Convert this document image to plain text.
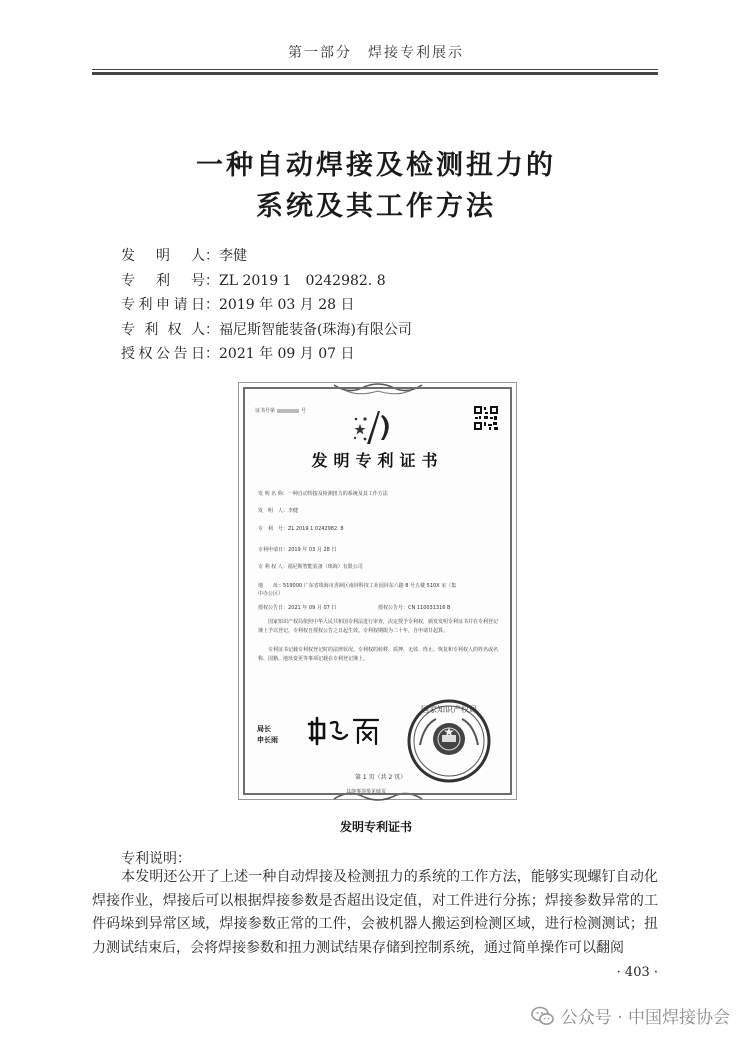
第一部分　焊接专利展示
一种自动焊接及检测扭力的
系统及其工作方法
发　明　人：李健
专　利　号：ZL 2019 1　0242982. 8
专利申请日：2019 年 03 月 28 日
专 利 权 人：福尼斯智能装备(珠海)有限公司
授权公告日：2021 年 09 月 07 日
证书号第	号
发明专利证书
发 明 名 称：一种自动焊接及检测扭力的系统及其工作方法
发　明　人：李健
专　利　号：ZL 2019 1 0242982. 8
专利申请日：2019 年 03 月 28 日
专 利 权 人：福尼斯智能装备（珠海）有限公司
地　　址：519000 广东省珠海市香洲区南屏科技工业园屏东六路 8 号五楼 510X 室（集中办公区）
授权公告日：2021 年 09 月 07 日	授权公告号：CN 110031316 B
国家知识产权局依照中华人民共和国专利法进行审查，决定授予专利权，颁发发明专利证书并在专利登记簿上予以登记。专利权自授权公告之日起生效。专利权期限为二十年，自申请日起算。
专利证书记载专利权登记时的法律状况。专利权的转移、质押、无效、终止、恢复和专利权人的姓名或名称、国籍、地址变更等事项记载在专利登记簿上。
局长
申长雨
国家知识产权局
第 1 页（共 2 页）
其他事项参见续页
发明专利证书
专利说明：

本发明还公开了上述一种自动焊接及检测扭力的系统的工作方法，能够实现螺钉自动化焊接作业，焊接后可以根据焊接参数是否超出设定值，对工件进行分拣；焊接参数异常的工件码垛到异常区域，焊接参数正常的工件，会被机器人搬运到检测区域，进行检测测试；扭力测试结束后，会将焊接参数和扭力测试结果存储到控制系统，通过简单操作可以翻阅

· 403 ·
公众号 · 中国焊接协会
